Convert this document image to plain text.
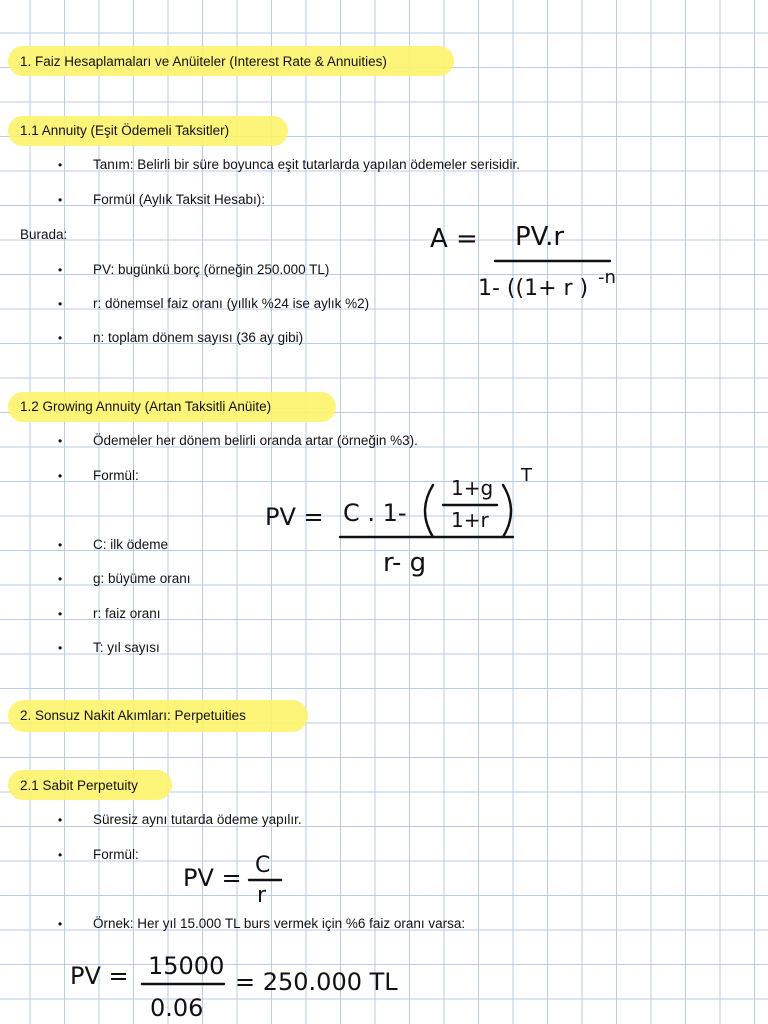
1. Faiz Hesaplamaları ve Anüiteler (Interest Rate & Annuities)
1.1 Annuity (Eşit Ödemeli Taksitler)
1.2 Growing Annuity (Artan Taksitli Anüite)
2. Sonsuz Nakit Akımları: Perpetuities
2.1 Sabit Perpetuity
• Tanım: Belirli bir süre boyunca eşit tutarlarda yapılan ödemeler serisidir.
• Formül (Aylık Taksit Hesabı):
Burada:
• PV: bugünkü borç (örneğin 250.000 TL)
• r: dönemsel faiz oranı (yıllık %24 ise aylık %2)
• n: toplam dönem sayısı (36 ay gibi)
A = PV.r
1- ((1+ r ) -n
• Ödemeler her dönem belirli oranda artar (örneğin %3).
• Formül:
• C: ilk ödeme
• g: büyüme oranı
• r: faiz oranı
• T: yıl sayısı
PV = C . 1-
1+g
1+r
T
r- g
• Süresiz aynı tutarda ödeme yapılır.
• Formül:
• Örnek: Her yıl 15.000 TL burs vermek için %6 faiz oranı varsa:
PV = C
r
PV = 15000
0.06
= 250.000 TL
